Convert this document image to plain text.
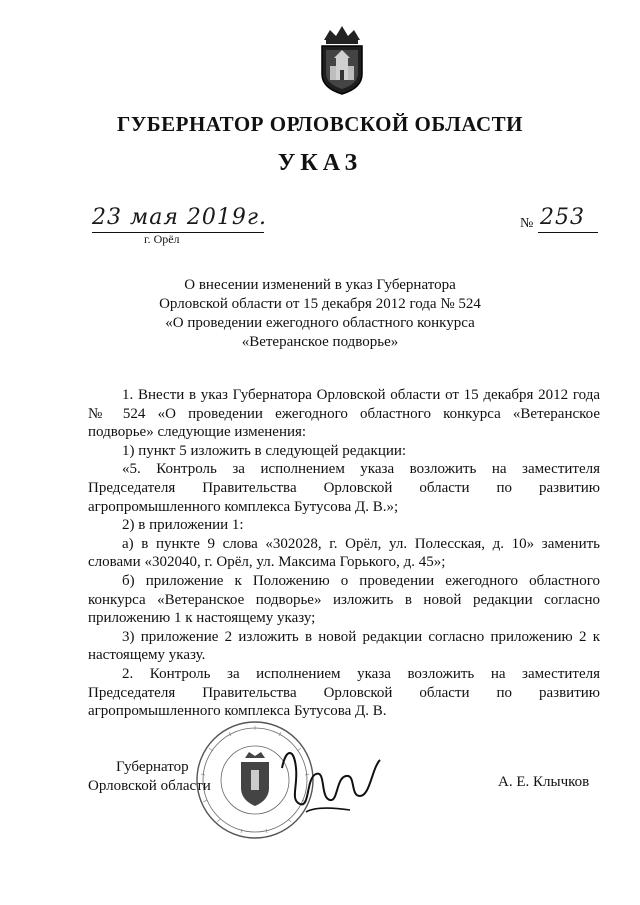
ГУБЕРНАТОР ОРЛОВСКОЙ ОБЛАСТИ
УКАЗ
23 мая 2019г.
г. Орёл
№ 253
О внесении изменений в указ Губернатора
Орловской области от 15 декабря 2012 года № 524
«О проведении ежегодного областного конкурса
«Ветеранское подворье»

1. Внести в указ Губернатора Орловской области от 15 декабря 2012 года № 524 «О проведении ежегодного областного конкурса «Ветеранское подворье» следующие изменения:

1) пункт 5 изложить в следующей редакции:

«5. Контроль за исполнением указа возложить на заместителя Председателя Правительства Орловской области по развитию агропромышленного комплекса Бутусова Д. В.»;

2) в приложении 1:

а) в пункте 9 слова «302028, г. Орёл, ул. Полесская, д. 10» заменить словами «302040, г. Орёл, ул. Максима Горького, д. 45»;

б) приложение к Положению о проведении ежегодного областного конкурса «Ветеранское подворье» изложить в новой редакции согласно приложению 1 к настоящему указу;

3) приложение 2 изложить в новой редакции согласно приложению 2 к настоящему указу.

2. Контроль за исполнением указа возложить на заместителя Председателя Правительства Орловской области по развитию агропромышленного комплекса Бутусова Д. В.

Губернатор
Орловской области	А. Е. Клычков
